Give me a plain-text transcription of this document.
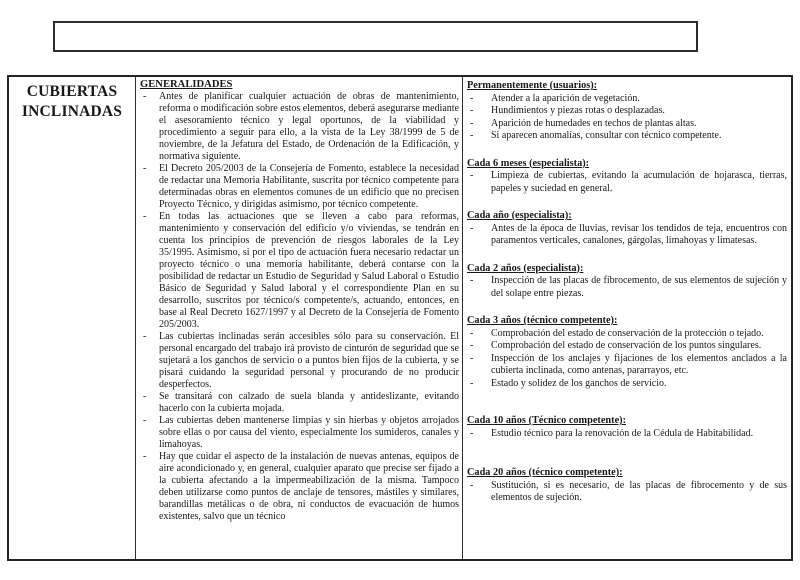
CUBIERTAS
INCLINADAS
GENERALIDADES
-	Antes de planificar cualquier actuación de obras de mantenimiento, reforma o modificación sobre estos elementos, deberá asegurarse mediante el asesoramiento técnico y legal oportunos, de la viabilidad y procedimiento a seguir para ello, a la vista de la Ley 38/1999 de 5 de noviembre, de la Jefatura del Estado, de Ordenación de la Edificación, y normativa siguiente.
-	El Decreto 205/2003 de la Consejería de Fomento, establece la necesidad de redactar una Memoria Habilitante, suscrita por técnico competente para determinadas obras en elementos comunes de un edificio que no precisen Proyecto Técnico, y dirigidas asimismo, por técnico competente.
-	En todas las actuaciones que se lleven a cabo para reformas, mantenimiento y conservación del edificio y/o viviendas, se tendrán en cuenta los principios de prevención de riesgos laborales de la Ley 35/1995. Asimismo, si por el tipo de actuación fuera necesario redactar un proyecto técnico o una memoria habilitante, deberá contarse con la posibilidad de redactar un Estudio de Seguridad y Salud Laboral o Estudio Básico de Seguridad y Salud laboral y el correspondiente Plan en su desarrollo, suscritos por técnico/s competente/s, actuando, entonces, en base al Real Decreto 1627/1997 y al Decreto de la Consejería de Fomento 205/2003.
-	Las cubiertas inclinadas serán accesibles sólo para su conservación. El personal encargado del trabajo irá provisto de cinturón de seguridad que se sujetará a los ganchos de servicio o a puntos bien fijos de la cubierta, y se pisará cuidando la seguridad personal y procurando de no producir desperfectos.
-	Se transitará con calzado de suela blanda y antideslizante, evitando hacerlo con la cubierta mojada.
-	Las cubiertas deben mantenerse limpias y sin hierbas y objetos arrojados sobre ellas o por causa del viento, especialmente los sumideros, canales y limahoyas.
-	Hay que cuidar el aspecto de la instalación de nuevas antenas, equipos de aire acondicionado y, en general, cualquier aparato que precise ser fijado a la cubierta afectando a la impermeabilización de la misma. Tampoco deben utilizarse como puntos de anclaje de tensores, mástiles y similares, barandillas metálicas o de obra, ni conductos de evacuación de humos existentes, salvo que un técnico
Permanentemente (usuarios):
-	Atender a la aparición de vegetación.
-	Hundimientos y piezas rotas o desplazadas.
-	Aparición de humedades en techos de plantas altas.
-	Si aparecen anomalías, consultar con técnico competente.
Cada 6 meses (especialista):
-	Limpieza de cubiertas, evitando la acumulación de hojarasca, tierras, papeles y suciedad en general.
Cada año (especialista):
-	Antes de la época de lluvias, revisar los tendidos de teja, encuentros con paramentos verticales, canalones, gárgolas, limahoyas y limatesas.
Cada 2 años (especialista):
-	Inspección de las placas de fibrocemento, de sus elementos de sujeción y del solape entre piezas.
Cada 3 años (técnico competente):
-	Comprobación del estado de conservación de la protección o tejado.
-	Comprobación del estado de conservación de los puntos singulares.
-	Inspección de los anclajes y fijaciones de los elementos anclados a la cubierta inclinada, como antenas, pararrayos, etc.
-	Estado y solidez de los ganchos de servicio.
Cada 10 años (Técnico competente):
-	Estudio técnico para la renovación de la Cédula de Habitabilidad.
Cada 20 años (técnico competente):
-	Sustitución, si es necesario, de las placas de fibrocemento y de sus elementos de sujeción.
